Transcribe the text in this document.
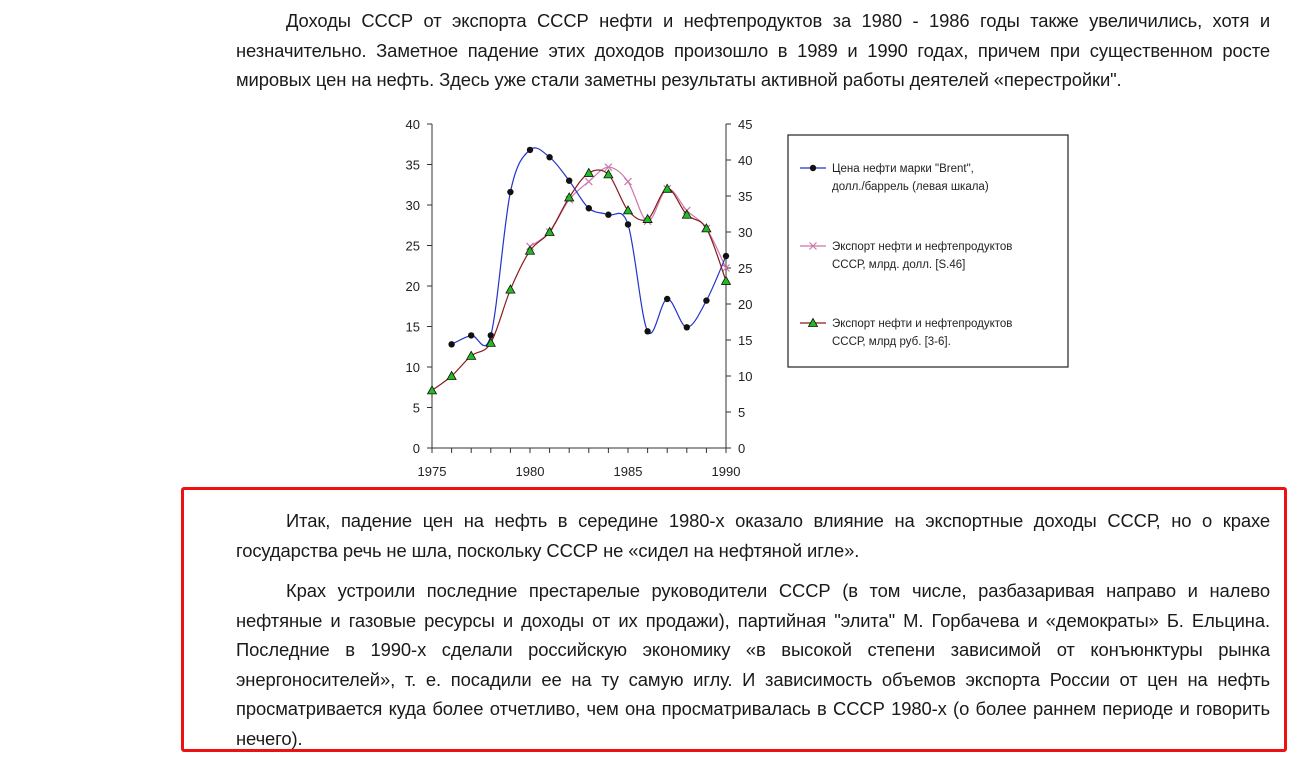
Доходы СССР от экспорта СССР нефти и нефтепродуктов за 1980 - 1986 годы также увеличились, хотя и незначительно. Заметное падение этих доходов произошло в 1989 и 1990 годах, причем при существенном росте мировых цен на нефть. Здесь уже стали заметны результаты активной работы деятелей «перестройки".

0
5
10
15
20
25
30
35
40
0
5
10
15
20
25
30
35
40
45
1975	1980	1985	1990
Цена нефти марки "Brent",
долл./баррель (левая шкала)
Экспорт нефти и нефтепродуктов
СССР, млрд. долл. [S.46]
Экспорт нефти и нефтепродуктов
СССР, млрд руб. [3-6].

Итак, падение цен на нефть в середине 1980-х оказало влияние на экспортные доходы СССР, но о крахе государства речь не шла, поскольку СССР не «сидел на нефтяной игле».

Крах устроили последние престарелые руководители СССР (в том числе, разбазаривая направо и налево нефтяные и газовые ресурсы и доходы от их продажи), партийная "элита" М. Горбачева и «демократы» Б. Ельцина. Последние в 1990-х сделали российскую экономику «в высокой степени зависимой от конъюнктуры рынка энергоносителей», т. е. посадили ее на ту самую иглу. И зависимость объемов экспорта России от цен на нефть просматривается куда более отчетливо, чем она просматривалась в СССР 1980-х (о более раннем периоде и говорить нечего).
